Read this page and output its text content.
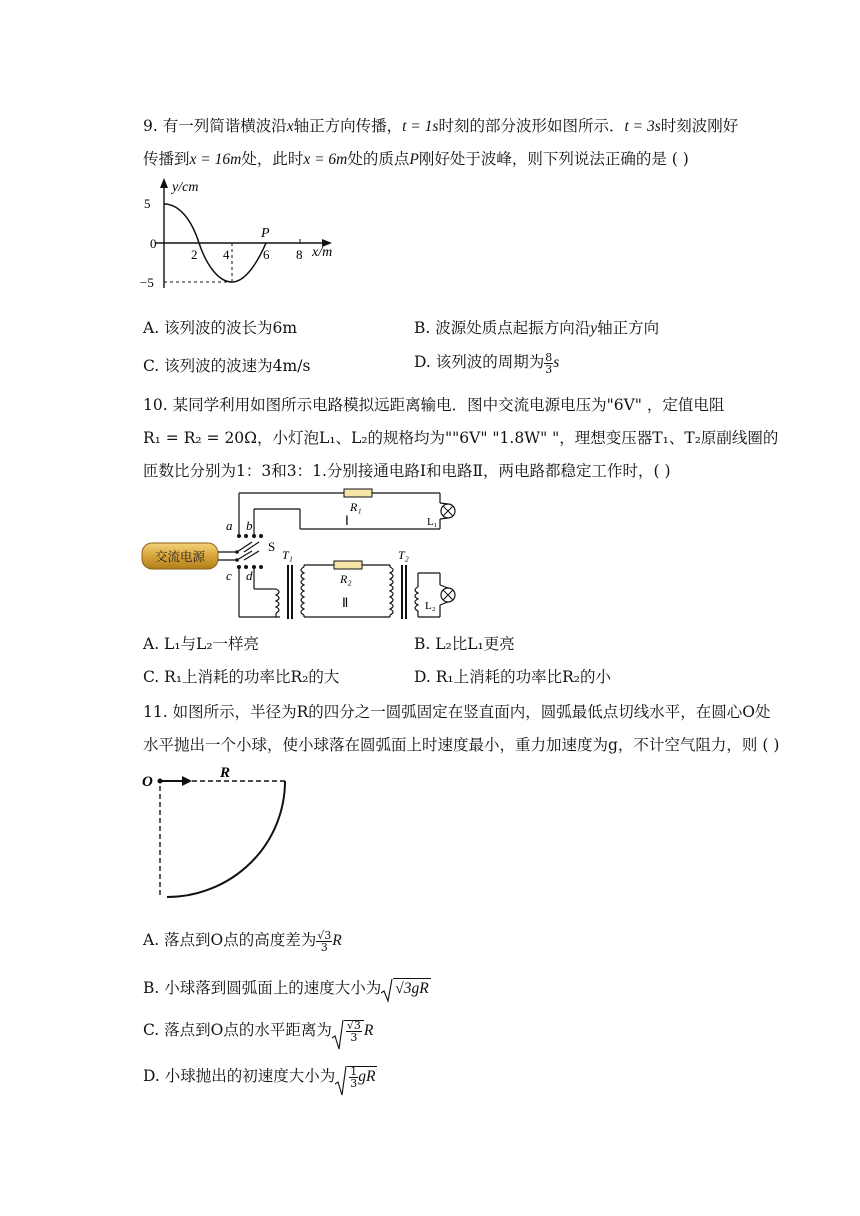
9. 有一列简谐横波沿x轴正方向传播，t = 1s时刻的部分波形如图所示．t = 3s时刻波刚好
传播到x = 16m处，此时x = 6m处的质点P刚好处于波峰，则下列说法正确的是 ( )
y/cm
5
0
−5
2 4	6 8 x/m
P
A. 该列波的波长为6m	B. 波源处质点起振方向沿y轴正方向
C. 该列波的波速为4m/s	D. 该列波的周期为 $\frac{8}{3}$ s
10. 某同学利用如图所示电路模拟远距离输电．图中交流电源电压为"6V" ，定值电阻
R₁ = R₂ = 20Ω，小灯泡L₁、L₂的规格均为""6V" "1.8W" "，理想变压器T₁、T₂原副线圈的
匝数比分别为1：3和3：1.分别接通电路Ⅰ和电路Ⅱ，两电路都稳定工作时，( )
交流电源
a b
S
c d
R₁
Ⅰ	L₁
T₁
R₂
Ⅱ
T₂
L₂
A. L₁与L₂一样亮	B. L₂比L₁更亮
C. R₁上消耗的功率比R₂的大	D. R₁上消耗的功率比R₂的小
11. 如图所示，半径为R的四分之一圆弧固定在竖直面内，圆弧最低点切线水平，在圆心O处
水平抛出一个小球，使小球落在圆弧面上时速度最小，重力加速度为g，不计空气阻力，则 ( )
O
R
A. 落点到O点的高度差为 $\frac{√3}{3}$ R
B. 小球落到圆弧面上的速度大小为 √3gR
C. 落点到O点的水平距离为 $\frac{√3}{3}$ R
D. 小球抛出的初速度大小为 $\frac{1}{3}$ gR
